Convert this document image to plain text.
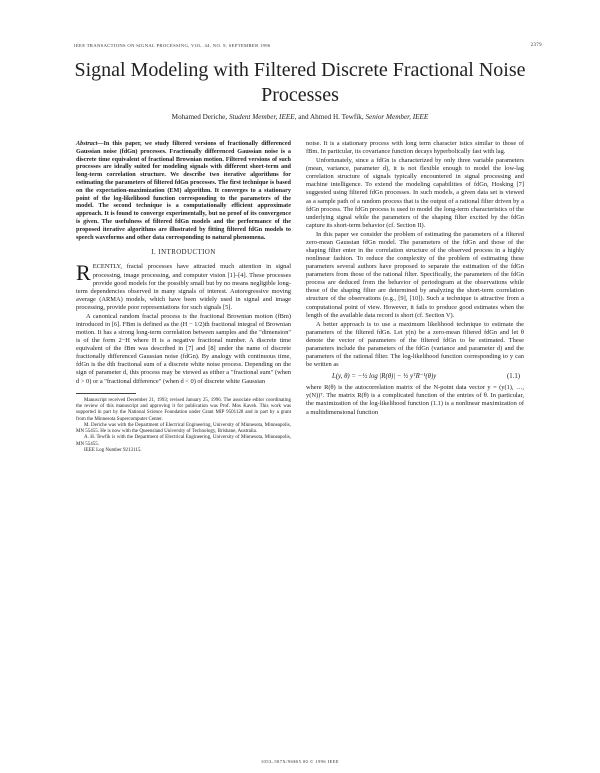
IEEE TRANSACTIONS ON SIGNAL PROCESSING, VOL. 44, NO. 9, SEPTEMBER 1996	2379
Signal Modeling with Filtered Discrete Fractional Noise Processes
Mohamed Deriche, Student Member, IEEE, and Ahmed H. Tewfik, Senior Member, IEEE
Abstract—In this paper, we study filtered versions of fractionally differenced Gaussian noise (fdGn) processes. Fractionally differenced Gaussian noise is a discrete time equivalent of fractional Brownian motion. Filtered versions of such processes are ideally suited for modeling signals with different short-term and long-term correlation structure. We describe two iterative algorithms for estimating the parameters of filtered fdGn processes. The first technique is based on the expectation-maximization (EM) algorithm. It converges to a stationary point of the log-likelihood function corresponding to the parameters of the model. The second technique is a computationally efficient approximate approach. It is found to converge experimentally, but no proof of its convergence is given. The usefulness of filtered fdGn models and the performance of the proposed iterative algorithms are illustrated by fitting filtered fdGn models to speech waveforms and other data corresponding to natural phenomena.
I. INTRODUCTION

RECENTLY, fractal processes have attracted much attention in signal processing, image processing, and computer vision [1]–[4]. These processes provide good models for the possibly small but by no means negligible long-term dependencies observed in many signals of interest. Autoregressive moving average (ARMA) models, which have been widely used in signal and image processing, provide poor representations for such signals [5].

A canonical random fractal process is the fractional Brownian motion (fBm) introduced in [6]. FBm is defined as the (H − 1/2)th fractional integral of Brownian motion. It has a strong long-term correlation between samples and the "dimension" is of the form 2−H where H is a negative fractional number. A discrete time equivalent of the fBm was described in [7] and [8] under the name of discrete fractionally differenced Gaussian noise (fdGn). By analogy with continuous time, fdGn is the dth fractional sum of a discrete white noise process. Depending on the sign of parameter d, this process may be viewed as either a "fractional sum" (when d > 0) or a "fractional difference" (when d < 0) of discrete white Gaussian

Manuscript received December 21, 1993; revised January 25, 1996. The associate editor coordinating the review of this manuscript and approving it for publication was Prof. Mos Kaveh. This work was supported in part by the National Science Foundation under Grant MIP 9501128 and in part by a grant from the Minnesota Supercomputer Center.

M. Deriche was with the Department of Electrical Engineering, University of Minnesota, Minneapolis, MN 55455. He is now with the Queensland University of Technology, Brisbane, Australia.

A. H. Tewfik is with the Department of Electrical Engineering, University of Minnesota, Minneapolis, MN 55455.

IEEE Log Number 9213115.

noise. It is a stationary process with long term character istics similar to those of fBm. In particular, its covariance function decays hyperbolically fast with lag.

Unfortunately, since a fdGn is characterized by only three variable parameters (mean, variance, parameter d), it is not flexible enough to model the low-lag correlation structure of signals typically encountered in signal processing and machine intelligence. To extend the modeling capabilities of fdGn, Hosking [7] suggested using filtered fdGn processes. In such models, a given data set is viewed as a sample path of a random process that is the output of a rational filter driven by a fdGn process. The fdGn process is used to model the long-term characteristics of the underlying signal while the parameters of the shaping filter excited by the fdGn capture its short-term behavior (cf. Section II).

In this paper we consider the problem of estimating the parameters of a filtered zero-mean Gaussian fdGn model. The parameters of the fdGn and those of the shaping filter enter in the correlation structure of the observed process in a highly nonlinear fashion. To reduce the complexity of the problem of estimating these parameters several authors have proposed to separate the estimation of the fdGn parameters from those of the rational filter. Specifically, the parameters of the fdGn process are deduced from the behavior of periodogram at the observations while those of the shaping filter are determined by analyzing the short-term correlation structure of the observations (e.g., [9], [10]). Such a technique is attractive from a computational point of view. However, it fails to produce good estimates when the length of the available data record is short (cf. Section V).

A better approach is to use a maximum likelihood technique to estimate the parameters of the filtered fdGn. Let y(n) be a zero-mean filtered fdGn and let θ denote the vector of parameters of the filtered fdGn to be estimated. These parameters include the parameters of the fdGn (variance and parameter d) and the parameters of the rational filter. The log-likelihood function corresponding to y can be written as

L(y, θ) = −½ log |R(θ)| − ½ yᵀR⁻¹(θ)y	(1.1)

where R(θ) is the autocorrelation matrix of the N-point data vector y = (y(1), …, y(N))ᵀ. The matrix R(θ) is a complicated function of the entries of θ. In particular, the maximization of the log-likelihood function (1.1) is a nonlinear maximization of a multidimensional function

1053–587X/96$05.00 © 1996 IEEE
